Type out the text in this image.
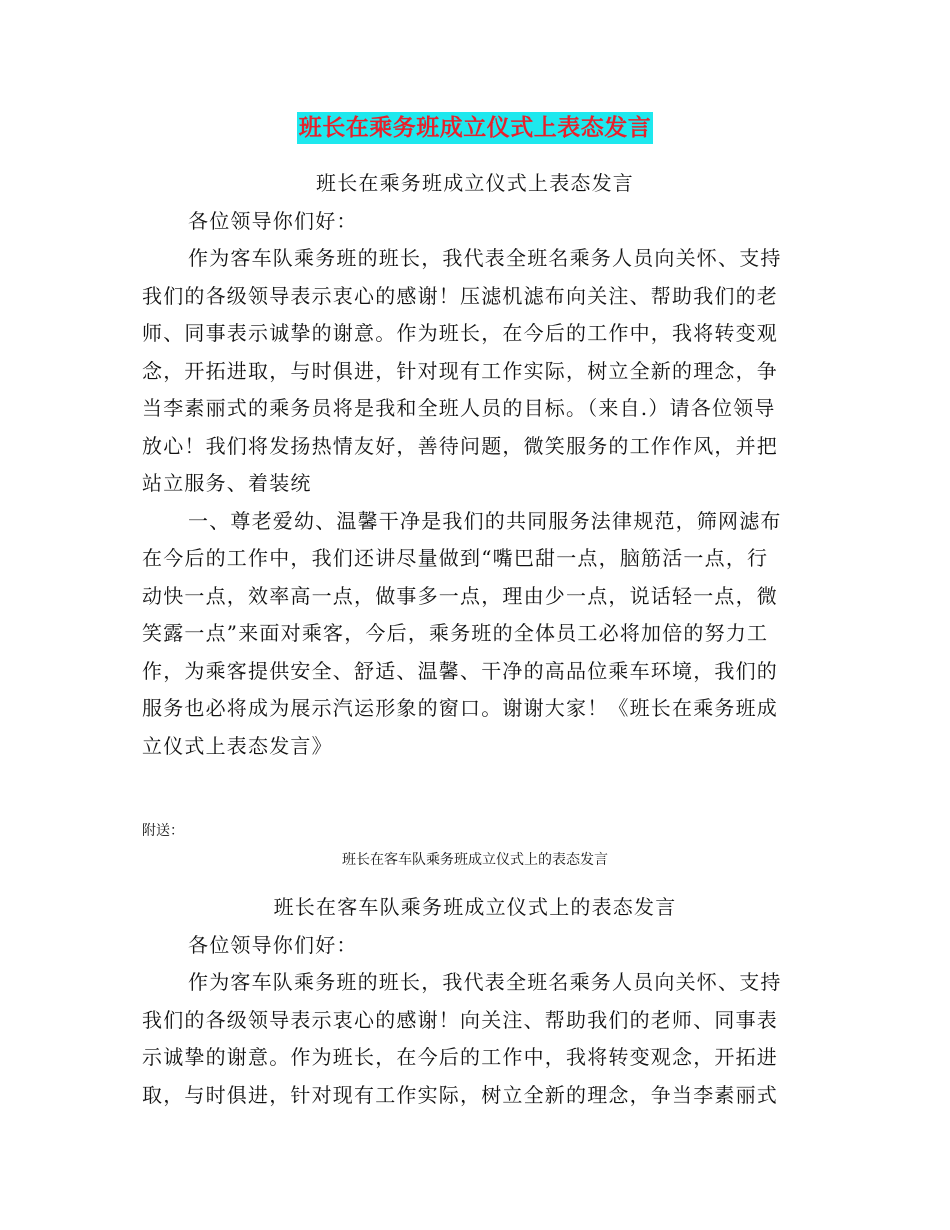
班长在乘务班成立仪式上表态发言
班长在乘务班成立仪式上表态发言
各位领导你们好：
作为客车队乘务班的班长，我代表全班名乘务人员向关怀、支持
我们的各级领导表示衷心的感谢！压滤机滤布向关注、帮助我们的老
师、同事表示诚挚的谢意。作为班长，在今后的工作中，我将转变观
念，开拓进取，与时俱进，针对现有工作实际，树立全新的理念，争
当李素丽式的乘务员将是我和全班人员的目标。（来自.）请各位领导
放心！我们将发扬热情友好，善待问题，微笑服务的工作作风，并把
站立服务、着装统
一、尊老爱幼、温馨干净是我们的共同服务法律规范，筛网滤布
在今后的工作中，我们还讲尽量做到“嘴巴甜一点，脑筋活一点，行
动快一点，效率高一点，做事多一点，理由少一点，说话轻一点，微
笑露一点”来面对乘客，今后，乘务班的全体员工必将加倍的努力工
作，为乘客提供安全、舒适、温馨、干净的高品位乘车环境，我们的
服务也必将成为展示汽运形象的窗口。谢谢大家！《班长在乘务班成
立仪式上表态发言》
附送：
班长在客车队乘务班成立仪式上的表态发言
班长在客车队乘务班成立仪式上的表态发言
各位领导你们好：
作为客车队乘务班的班长，我代表全班名乘务人员向关怀、支持
我们的各级领导表示衷心的感谢！向关注、帮助我们的老师、同事表
示诚挚的谢意。作为班长，在今后的工作中，我将转变观念，开拓进
取，与时俱进，针对现有工作实际，树立全新的理念，争当李素丽式
